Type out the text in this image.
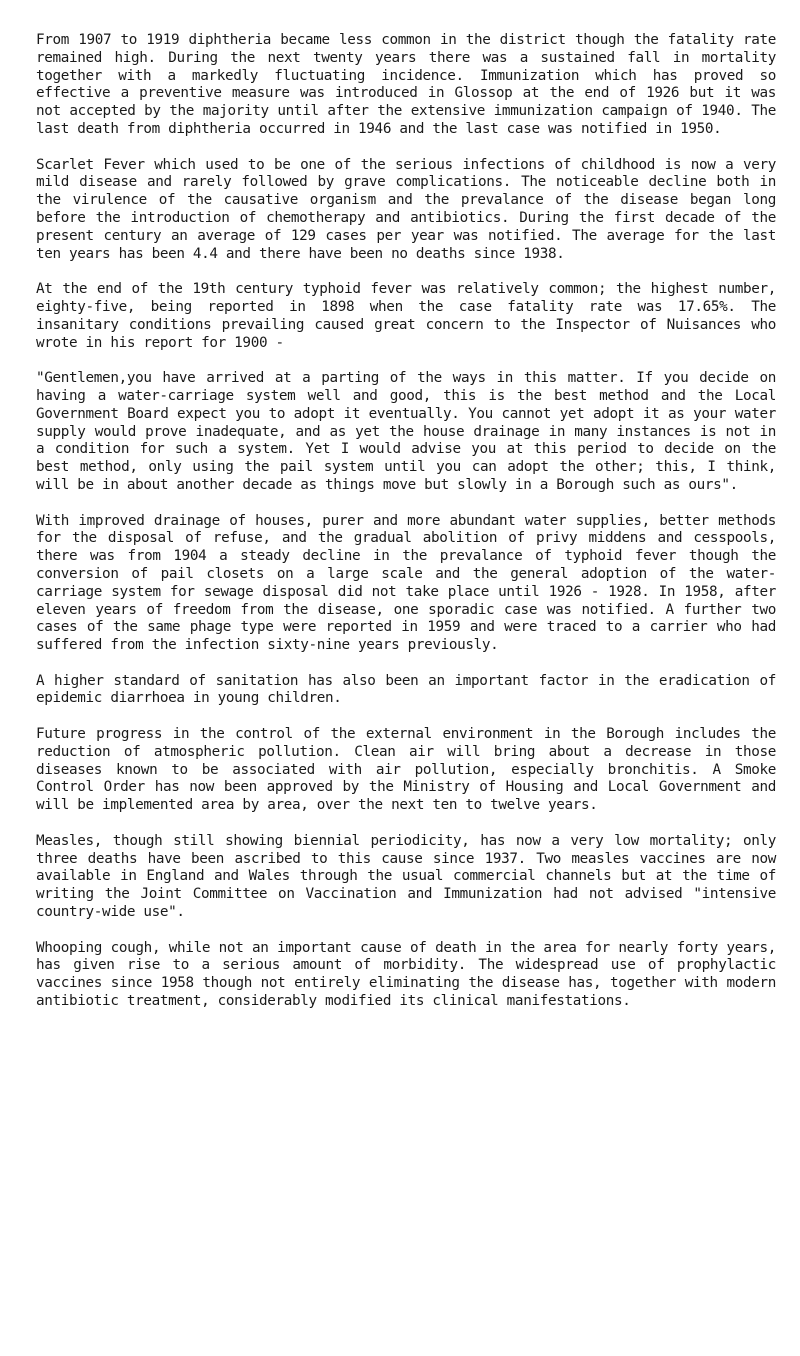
From 1907 to 1919 diphtheria became less common in the district though the fatality rate remained high. During the next twenty years there was a sustained fall in mortality together with a markedly fluctuating incidence. Immunization which has proved so effective a preventive measure was introduced in Glossop at the end of 1926 but it was not accepted by the majority until after the extensive immunization campaign of 1940. The last death from diphtheria occurred in 1946 and the last case was notified in 1950.

Scarlet Fever which used to be one of the serious infections of childhood is now a very mild disease and rarely followed by grave complications. The noticeable decline both in the virulence of the causative organism and the prevalance of the disease began long before the introduction of chemotherapy and antibiotics. During the first decade of the present century an average of 129 cases per year was notified. The average for the last ten years has been 4.4 and there have been no deaths since 1938.

At the end of the 19th century typhoid fever was relatively common; the highest number, eighty-five, being reported in 1898 when the case fatality rate was 17.65%. The insanitary conditions prevailing caused great concern to the Inspector of Nuisances who wrote in his report for 1900 -

"Gentlemen,you have arrived at a parting of the ways in this matter. If you decide on having a water-carriage system well and good, this is the best method and the Local Government Board expect you to adopt it eventually. You cannot yet adopt it as your water supply would prove inadequate, and as yet the house drainage in many instances is not in a condition for such a system. Yet I would advise you at this period to decide on the best method, only using the pail system until you can adopt the other; this, I think, will be in about another decade as things move but slowly in a Borough such as ours".

With improved drainage of houses, purer and more abundant water supplies, better methods for the disposal of refuse, and the gradual abolition of privy middens and cesspools, there was from 1904 a steady decline in the prevalance of typhoid fever though the conversion of pail closets on a large scale and the general adoption of the water-carriage system for sewage disposal did not take place until 1926 - 1928. In 1958, after eleven years of freedom from the disease, one sporadic case was notified. A further two cases of the same phage type were reported in 1959 and were traced to a carrier who had suffered from the infection sixty-nine years previously.

A higher standard of sanitation has also been an important factor in the eradication of epidemic diarrhoea in young children.

Future progress in the control of the external environment in the Borough includes the reduction of atmospheric pollution. Clean air will bring about a decrease in those diseases known to be associated with air pollution, especially bronchitis. A Smoke Control Order has now been approved by the Ministry of Housing and Local Government and will be implemented area by area, over the next ten to twelve years.

Measles, though still showing biennial periodicity, has now a very low mortality; only three deaths have been ascribed to this cause since 1937. Two measles vaccines are now available in England and Wales through the usual commercial channels but at the time of writing the Joint Committee on Vaccination and Immunization had not advised "intensive country-wide use".

Whooping cough, while not an important cause of death in the area for nearly forty years, has given rise to a serious amount of morbidity. The widespread use of prophylactic vaccines since 1958 though not entirely eliminating the disease has, together with modern antibiotic treatment, considerably modified its clinical manifestations.
